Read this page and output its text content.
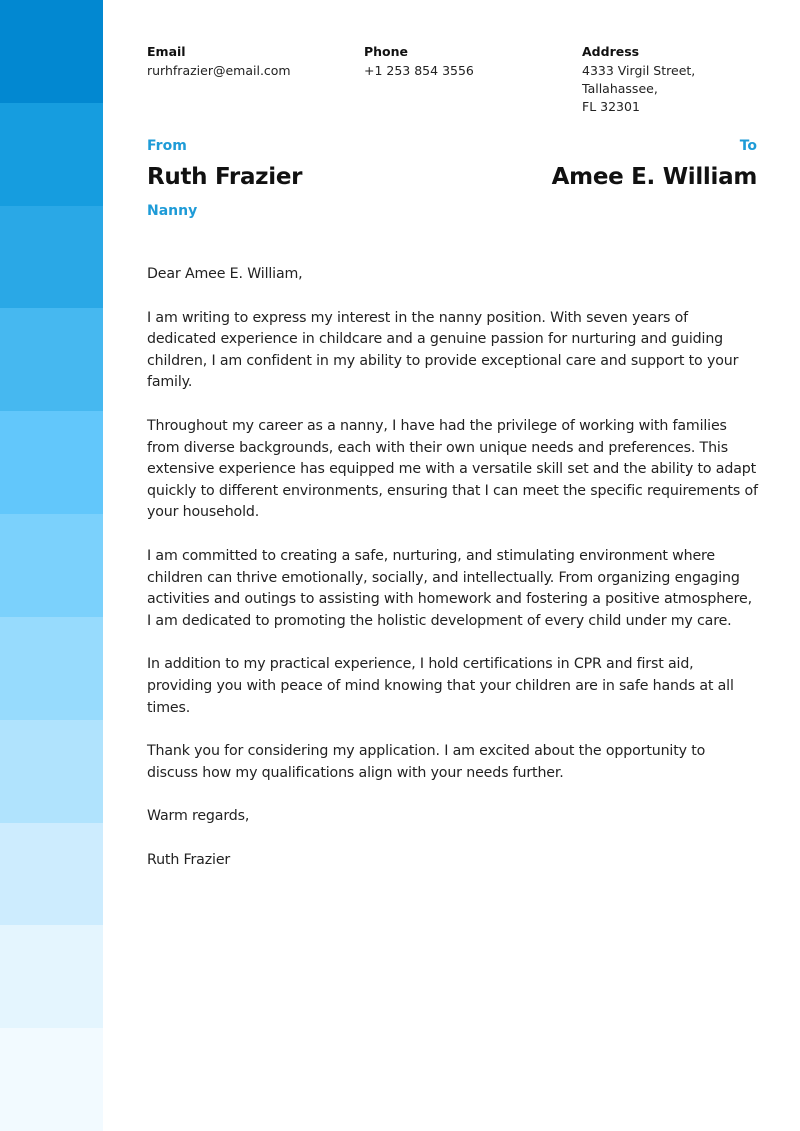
Email
rurhfrazier@email.com
Phone
+1 253 854 3556
Address
4333 Virgil Street, Tallahassee,
FL 32301
From	To
Ruth Frazier	Amee E. William
Nanny

Dear Amee E. William,

I am writing to express my interest in the nanny position. With seven years of dedicated experience in childcare and a genuine passion for nurturing and guiding children, I am confident in my ability to provide exceptional care and support to your family.

Throughout my career as a nanny, I have had the privilege of working with families from diverse backgrounds, each with their own unique needs and preferences. This extensive experience has equipped me with a versatile skill set and the ability to adapt quickly to different environments, ensuring that I can meet the specific requirements of your household.

I am committed to creating a safe, nurturing, and stimulating environment where children can thrive emotionally, socially, and intellectually. From organizing engaging activities and outings to assisting with homework and fostering a positive atmosphere, I am dedicated to promoting the holistic development of every child under my care.

In addition to my practical experience, I hold certifications in CPR and first aid, providing you with peace of mind knowing that your children are in safe hands at all times.

Thank you for considering my application. I am excited about the opportunity to discuss how my qualifications align with your needs further.

Warm regards,

Ruth Frazier
